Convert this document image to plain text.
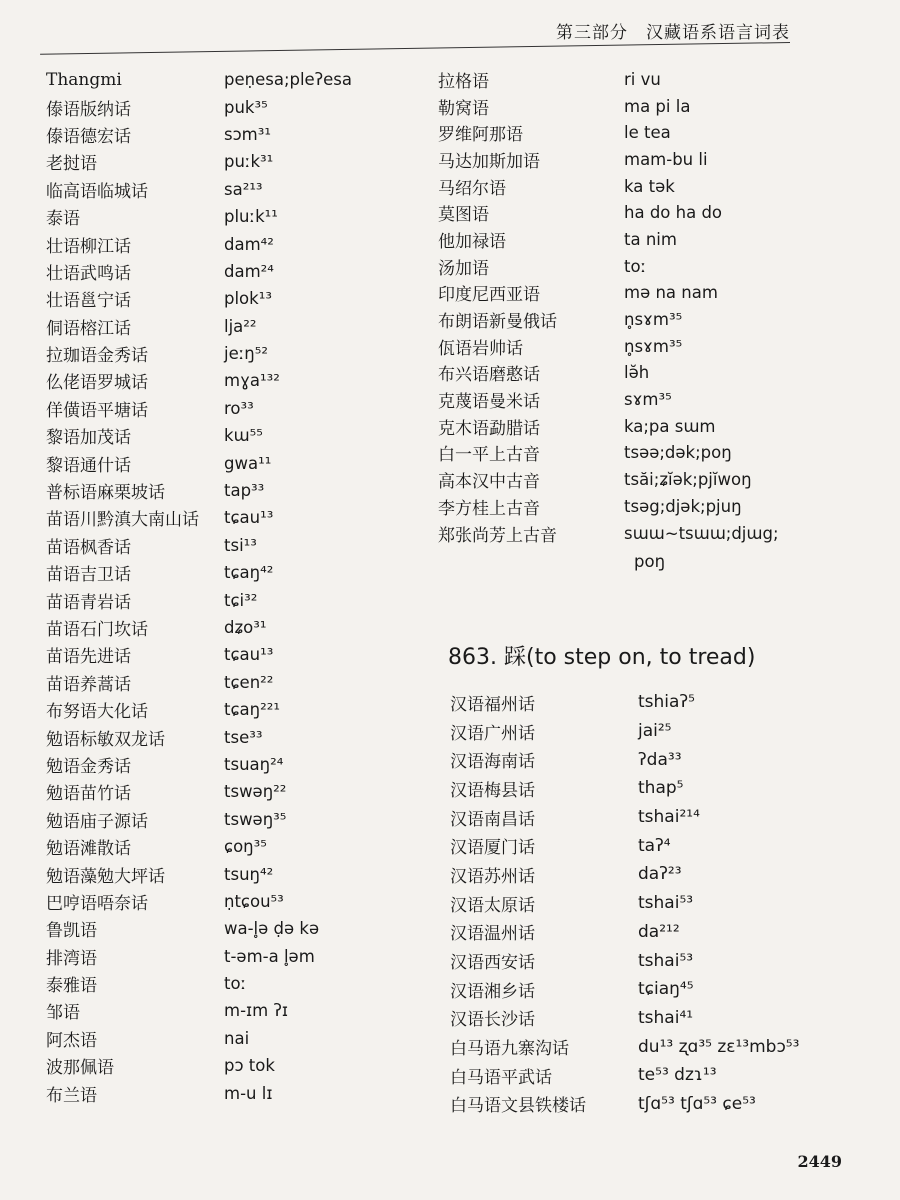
第三部分　汉藏语系语言词表
Thangmi	peṇesa;pleʔesa
傣语版纳话	puk³⁵
傣语德宏话	sɔm³¹
老挝语	puːk³¹
临高语临城话	sa²¹³
泰语	pluːk¹¹
壮语柳江话	dam⁴²
壮语武鸣话	dam²⁴
壮语邕宁话	plok¹³
侗语榕江话	lja²²
拉珈语金秀话	jeːŋ⁵²
仫佬语罗城话	mɣa¹³²
佯僙语平塘话	ro³³
黎语加茂话	kɯ⁵⁵
黎语通什话	gwa¹¹
普标语麻栗坡话	tap³³
苗语川黔滇大南山话	tɕau¹³
苗语枫香话	tsi¹³
苗语吉卫话	tɕaŋ⁴²
苗语青岩话	tɕi³²
苗语石门坎话	dʑo³¹
苗语先进话	tɕau¹³
苗语养蒿话	tɕen²²
布努语大化话	tɕaŋ²²¹
勉语标敏双龙话	tse³³
勉语金秀话	tsuaŋ²⁴
勉语苗竹话	tswəŋ²²
勉语庙子源话	tswəŋ³⁵
勉语滩散话	ɕoŋ³⁵
勉语藻勉大坪话	tsuŋ⁴²
巴哼语唔奈话	ṇtɕou⁵³
鲁凯语	wa-l̥ə ḍə kə
排湾语	t-əm-a l̥əm
泰雅语	toː
邹语	m-ɪm ʔɪ
阿杰语	nai
波那佩语	pɔ tok
布兰语	m-u lɪ
拉格语	ri vu
勒窝语	ma pi la
罗维阿那语	le tea
马达加斯加语	mam-bu li
马绍尔语	ka tək
莫图语	ha do ha do
他加禄语	ta nim
汤加语	toː
印度尼西亚语	mə na nam
布朗语新曼俄话	n̥sɤm³⁵
佤语岩帅话	n̥sɤm³⁵
布兴语磨憨话	lə̆h
克蔑语曼米话	sɤm³⁵
克木语勐腊话	ka;pa sɯm
白一平上古音	tsəə;dək;poŋ
高本汉中古音	tsăi;ʑĭək;pjĭwoŋ
李方桂上古音	tsəg;djək;pjuŋ
郑张尚芳上古音	sɯɯ~tsɯɯ;djɯg;
poŋ
863. 踩(to step on, to tread)
汉语福州话	tshiaʔ⁵
汉语广州话	jai²⁵
汉语海南话	ʔda³³
汉语梅县话	thap⁵
汉语南昌话	tshai²¹⁴
汉语厦门话	taʔ⁴
汉语苏州话	daʔ²³
汉语太原话	tshai⁵³
汉语温州话	da²¹²
汉语西安话	tshai⁵³
汉语湘乡话	tɕiaŋ⁴⁵
汉语长沙话	tshai⁴¹
白马语九寨沟话	du¹³ ʐɑ³⁵ zɛ¹³mbɔ⁵³
白马语平武话	te⁵³ dzɿ¹³
白马语文县铁楼话	tʃɑ⁵³ tʃɑ⁵³ ɕe⁵³
2449
